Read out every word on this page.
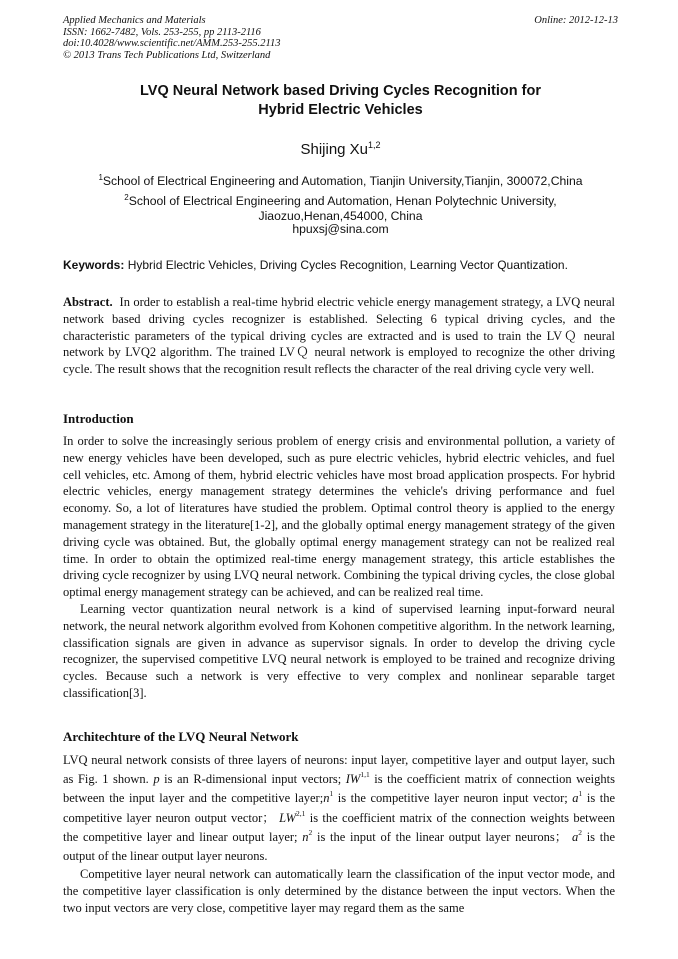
Applied Mechanics and Materials
ISSN: 1662-7482, Vols. 253-255, pp 2113-2116
doi:10.4028/www.scientific.net/AMM.253-255.2113
© 2013 Trans Tech Publications Ltd, Switzerland
Online: 2012-12-13
LVQ Neural Network based Driving Cycles Recognition for
Hybrid Electric Vehicles
Shijing Xu$^{1,2}$
$^1$School of Electrical Engineering and Automation, Tianjin University,Tianjin, 300072,China
$^2$School of Electrical Engineering and Automation, Henan Polytechnic University,
Jiaozuo,Henan,454000, China
hpuxsj@sina.com
Keywords: Hybrid Electric Vehicles, Driving Cycles Recognition, Learning Vector Quantization.
Abstract. In order to establish a real-time hybrid electric vehicle energy management strategy, a LVQ neural network based driving cycles recognizer is established. Selecting 6 typical driving cycles, and the characteristic parameters of the typical driving cycles are extracted and is used to train the LVＱ neural network by LVQ2 algorithm. The trained LVＱ neural network is employed to recognize the other driving cycle. The result shows that the recognition result reflects the character of the real driving cycle very well.
Introduction
In order to solve the increasingly serious problem of energy crisis and environmental pollution, a variety of new energy vehicles have been developed, such as pure electric vehicles, hybrid electric vehicles, and fuel cell vehicles, etc. Among of them, hybrid electric vehicles have most broad application prospects. For hybrid electric vehicles, energy management strategy determines the vehicle's driving performance and fuel economy. So, a lot of literatures have studied the problem. Optimal control theory is applied to the energy management strategy in the literature[1-2], and the globally optimal energy management strategy of the given driving cycle was obtained. But, the globally optimal energy management strategy can not be realized real time. In order to obtain the optimized real-time energy management strategy, this article establishes the driving cycle recognizer by using LVQ neural network. Combining the typical driving cycles, the close global optimal energy management strategy can be achieved, and can be realized real time.
Learning vector quantization neural network is a kind of supervised learning input-forward neural network, the neural network algorithm evolved from Kohonen competitive algorithm. In the network learning, classification signals are given in advance as supervisor signals. In order to develop the driving cycle recognizer, the supervised competitive LVQ neural network is employed to be trained and recognize driving cycles. Because such a network is very effective to very complex and nonlinear separable target classification[3].
Architechture of the LVQ Neural Network
LVQ neural network consists of three layers of neurons: input layer, competitive layer and output layer, such as Fig. 1 shown. p is an R-dimensional input vectors; IW$^{1,1}$ is the coefficient matrix of connection weights between the input layer and the competitive $layer;n^1$ is the competitive layer neuron input vector; $a^1$ is the competitive layer neuron output vector； LW$^{2,1}$ is the coefficient matrix of the connection weights between the competitive layer and linear output layer; $n^2$ is the input of the linear output layer neurons； $a^2$ is the output of the linear output layer neurons.
Competitive layer neural network can automatically learn the classification of the input vector mode, and the competitive layer classification is only determined by the distance between the input vectors. When the two input vectors are very close, competitive layer may regard them as the same
